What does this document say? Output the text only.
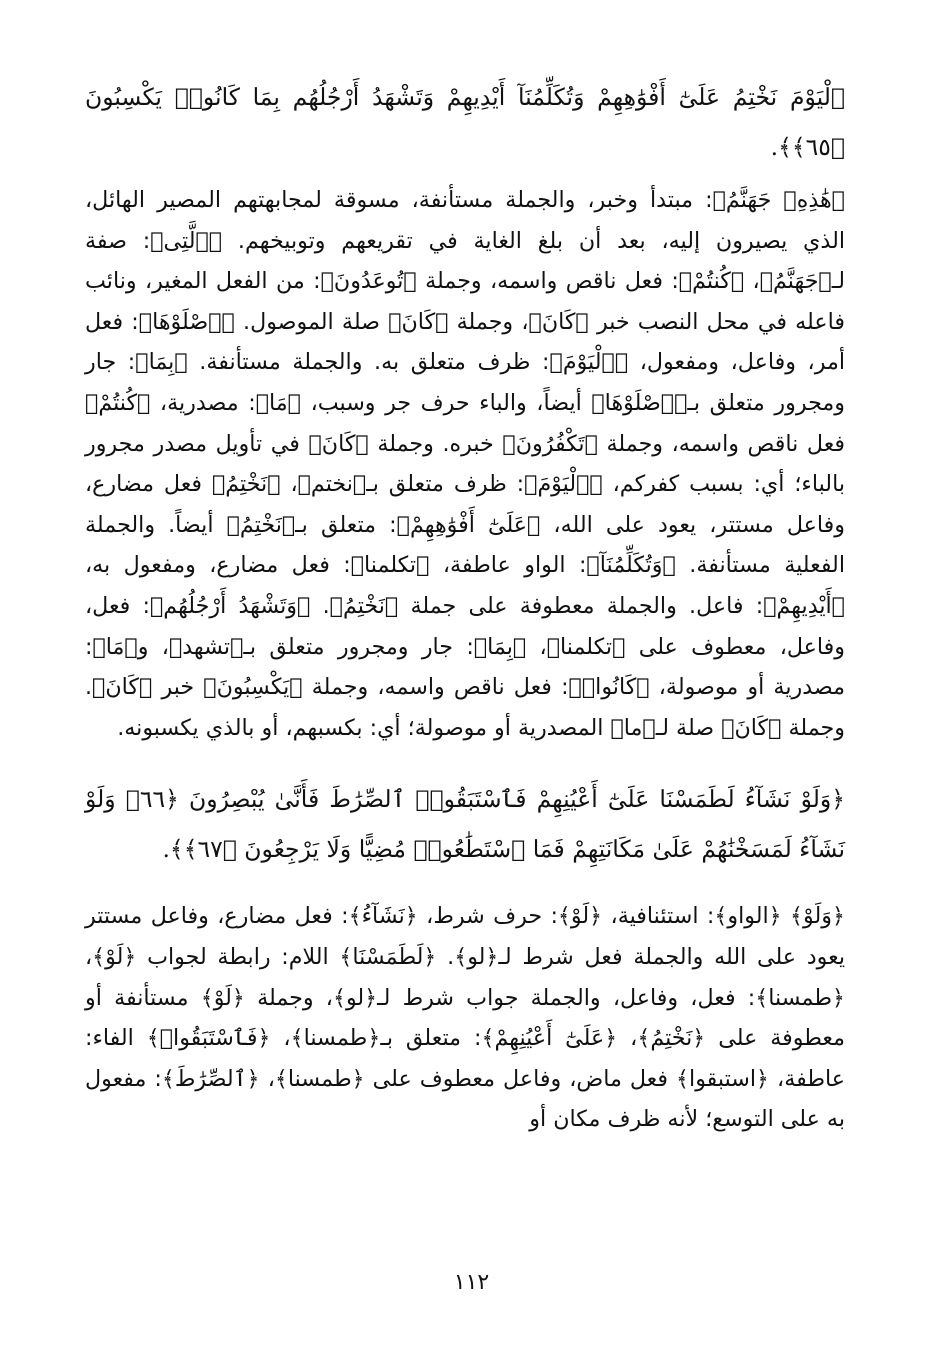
ٱلْيَوْمَ نَخْتِمُ عَلَىٰٓ أَفْوَٰهِهِمْ وَتُكَلِّمُنَآ أَيْدِيهِمْ وَتَشْهَدُ أَرْجُلُهُم بِمَا كَانُوا۟ يَكْسِبُونَ ﴿٦٥﴾﴾.

﴿هَٰذِهِۦ جَهَنَّمُ﴾: مبتدأ وخبر، والجملة مستأنفة، مسوقة لمجابهتهم المصير الهائل، الذي يصيرون إليه، بعد أن بلغ الغاية في تقريعهم وتوبيخهم. ﴿ٱلَّتِى﴾: صفة لـ﴿جَهَنَّمُ﴾، ﴿كُنتُمْ﴾: فعل ناقص واسمه، وجملة ﴿تُوعَدُونَ﴾: من الفعل المغير، ونائب فاعله في محل النصب خبر ﴿كَانَ﴾، وجملة ﴿كَانَ﴾ صلة الموصول. ﴿ٱصْلَوْهَا﴾: فعل أمر، وفاعل، ومفعول، ﴿ٱلْيَوْمَ﴾: ظرف متعلق به. والجملة مستأنفة. ﴿بِمَا﴾: جار ومجرور متعلق بـ﴿ٱصْلَوْهَا﴾ أيضاً، والباء حرف جر وسبب، ﴿مَا﴾: مصدرية، ﴿كُنتُمْ﴾ فعل ناقص واسمه، وجملة ﴿تَكْفُرُونَ﴾ خبره. وجملة ﴿كَانَ﴾ في تأويل مصدر مجرور بالباء؛ أي: بسبب كفركم، ﴿ٱلْيَوْمَ﴾: ظرف متعلق بـ﴿نختم﴾، ﴿نَخْتِمُ﴾ فعل مضارع، وفاعل مستتر، يعود على الله، ﴿عَلَىٰٓ أَفْوَٰهِهِمْ﴾: متعلق بـ﴿نَخْتِمُ﴾ أيضاً. والجملة الفعلية مستأنفة. ﴿وَتُكَلِّمُنَآ﴾: الواو عاطفة، ﴿تكلمنا﴾: فعل مضارع، ومفعول به، ﴿أَيْدِيهِمْ﴾: فاعل. والجملة معطوفة على جملة ﴿نَخْتِمُ﴾. ﴿وَتَشْهَدُ أَرْجُلُهُم﴾: فعل، وفاعل، معطوف على ﴿تكلمنا﴾، ﴿بِمَا﴾: جار ومجرور متعلق بـ﴿تشهد﴾، و﴿مَا﴾: مصدرية أو موصولة، ﴿كَانُوا۟﴾: فعل ناقص واسمه، وجملة ﴿يَكْسِبُونَ﴾ خبر ﴿كَانَ﴾. وجملة ﴿كَانَ﴾ صلة لـ﴿ما﴾ المصدرية أو موصولة؛ أي: بكسبهم، أو بالذي يكسبونه.

﴿وَلَوْ نَشَآءُ لَطَمَسْنَا عَلَىٰٓ أَعْيُنِهِمْ فَٱسْتَبَقُوا۟ ٱلصِّرَٰطَ فَأَنَّىٰ يُبْصِرُونَ ﴿٦٦﴾ وَلَوْ نَشَآءُ لَمَسَخْنَٰهُمْ عَلَىٰ مَكَانَتِهِمْ فَمَا ٱسْتَطَٰعُوا۟ مُضِيًّا وَلَا يَرْجِعُونَ ﴿٦٧﴾﴾.

﴿وَلَوْ﴾ ﴿الواو﴾: استئنافية، ﴿لَوْ﴾: حرف شرط، ﴿نَشَآءُ﴾: فعل مضارع، وفاعل مستتر يعود على الله والجملة فعل شرط لـ﴿لو﴾. ﴿لَطَمَسْنَا﴾ اللام: رابطة لجواب ﴿لَوْ﴾، ﴿طمسنا﴾: فعل، وفاعل، والجملة جواب شرط لـ﴿لو﴾، وجملة ﴿لَوْ﴾ مستأنفة أو معطوفة على ﴿نَخْتِمُ﴾، ﴿عَلَىٰٓ أَعْيُنِهِمْ﴾: متعلق بـ﴿طمسنا﴾، ﴿فَٱسْتَبَقُوا۟﴾ الفاء: عاطفة، ﴿استبقوا﴾ فعل ماض، وفاعل معطوف على ﴿طمسنا﴾، ﴿ٱلصِّرَٰطَ﴾: مفعول به على التوسع؛ لأنه ظرف مكان أو

١١٢
